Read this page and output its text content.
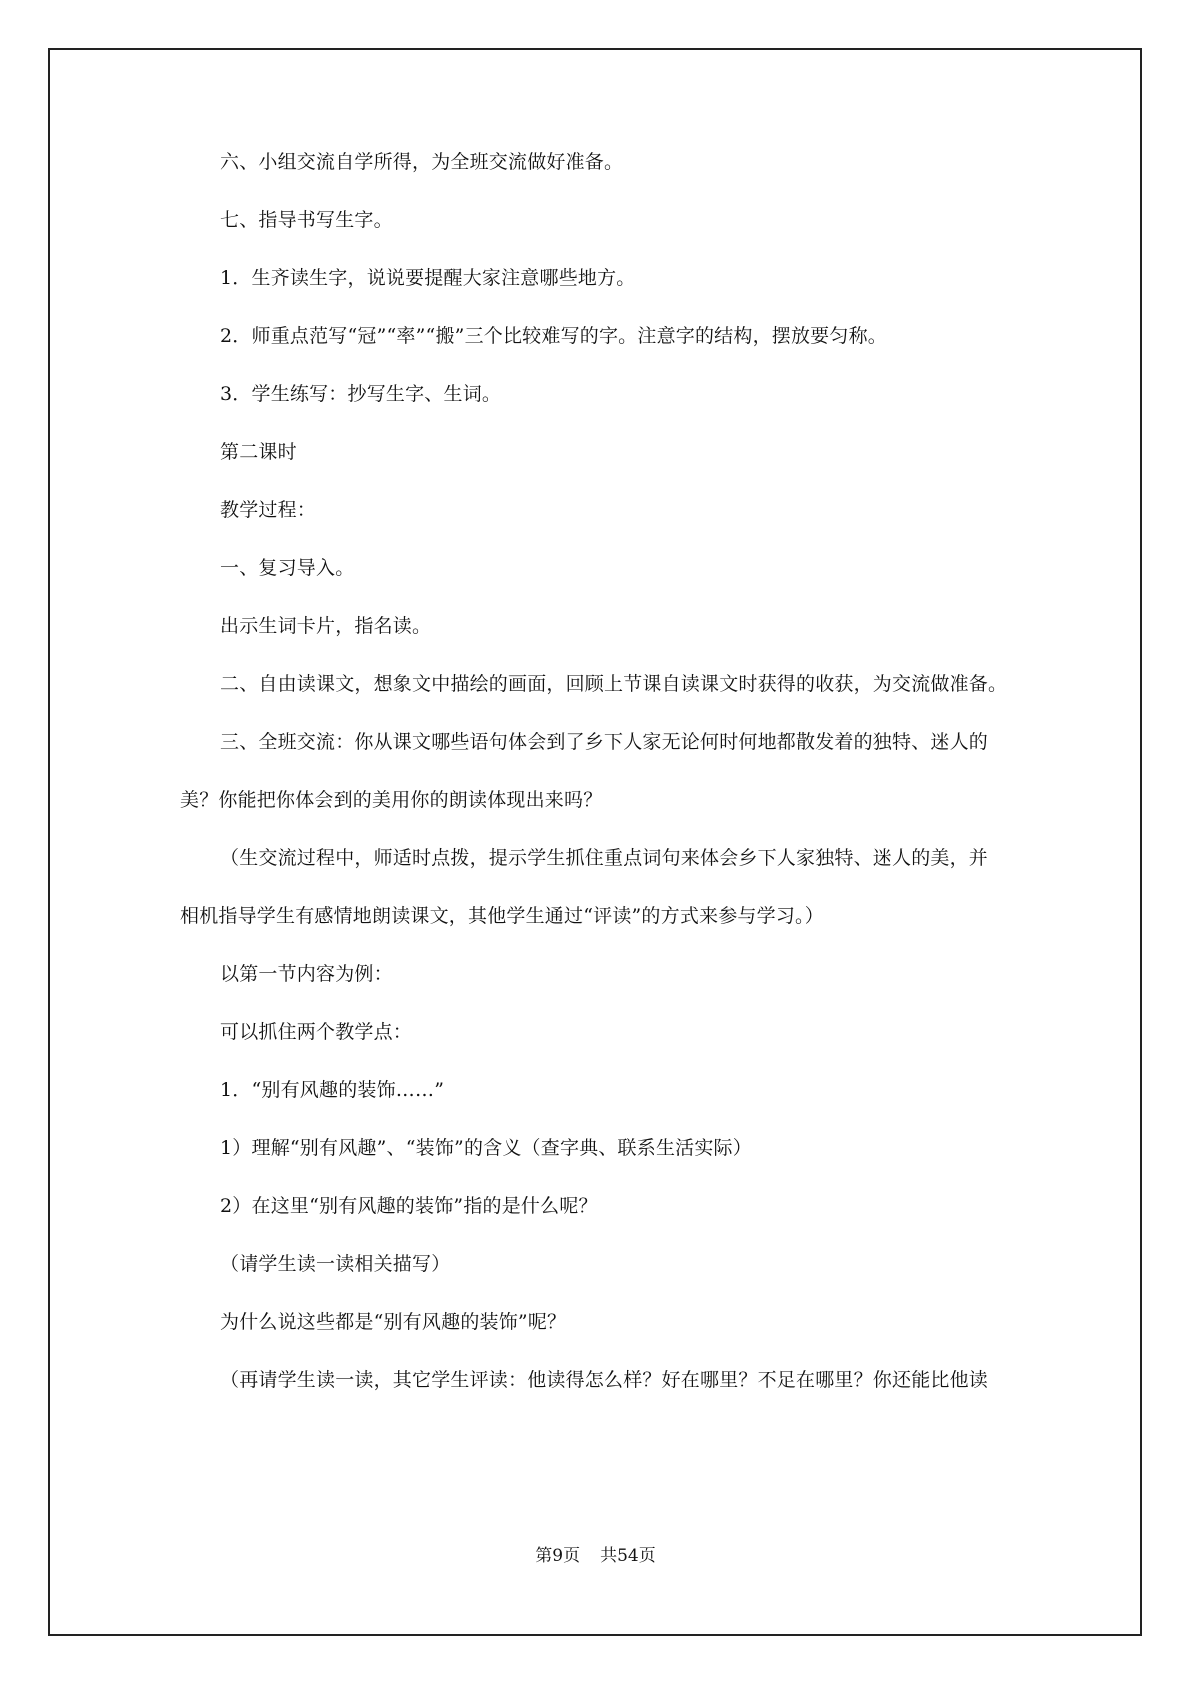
六、小组交流自学所得，为全班交流做好准备。
七、指导书写生字。
1．生齐读生字，说说要提醒大家注意哪些地方。
2．师重点范写“冠”“率”“搬”三个比较难写的字。注意字的结构，摆放要匀称。
3．学生练写：抄写生字、生词。
第二课时
教学过程：
一、复习导入。
出示生词卡片，指名读。
二、自由读课文，想象文中描绘的画面，回顾上节课自读课文时获得的收获，为交流做准备。
三、全班交流：你从课文哪些语句体会到了乡下人家无论何时何地都散发着的独特、迷人的
美？你能把你体会到的美用你的朗读体现出来吗？
（生交流过程中，师适时点拨，提示学生抓住重点词句来体会乡下人家独特、迷人的美，并
相机指导学生有感情地朗读课文，其他学生通过“评读”的方式来参与学习。）
以第一节内容为例：
可以抓住两个教学点：
1．“别有风趣的装饰……”
1）理解“别有风趣”、“装饰”的含义（查字典、联系生活实际）
2）在这里“别有风趣的装饰”指的是什么呢？
（请学生读一读相关描写）
为什么说这些都是“别有风趣的装饰”呢？
（再请学生读一读，其它学生评读：他读得怎么样？好在哪里？不足在哪里？你还能比他读
第9页 共54页
